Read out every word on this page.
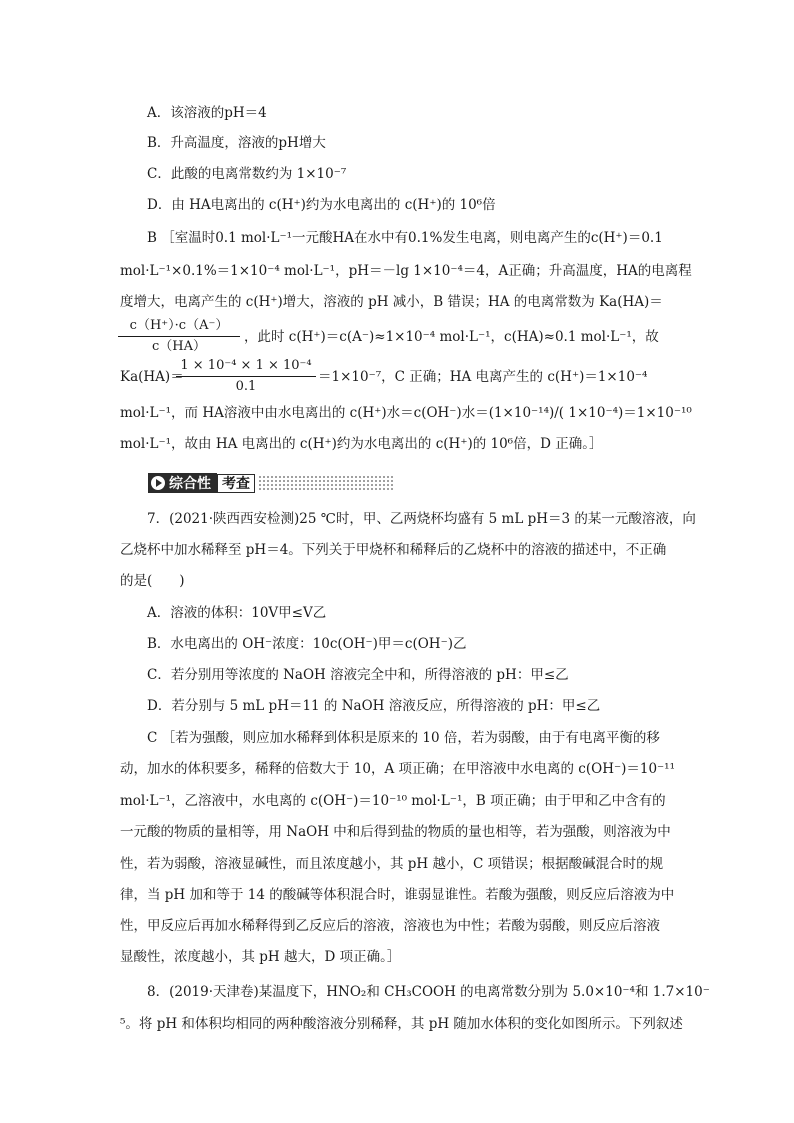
A．该溶液的pH＝4
B．升高温度，溶液的pH增大
C．此酸的电离常数约为 1×10⁻⁷
D．由 HA电离出的 c(H⁺)约为水电离出的 c(H⁺)的 10⁶倍
B ［室温时0.1 mol·L⁻¹一元酸HA在水中有0.1%发生电离，则电离产生的c(H⁺)＝0.1
mol·L⁻¹×0.1%＝1×10⁻⁴ mol·L⁻¹，pH＝－lg 1×10⁻⁴＝4，A正确；升高温度，HA的电离程
度增大，电离产生的 c(H⁺)增大，溶液的 pH 减小，B 错误；HA 的电离常数为 Ka(HA)＝
$\frac{c(H^+)\cdot c(A^-)}{c(HA)}$ ，此时 c(H⁺)＝c(A⁻)≈1×10⁻⁴ mol·L⁻¹，c(HA)≈0.1 mol·L⁻¹，故
Ka(HA)＝
$\frac{\text{1 × 10⁻⁴ × 1 × 10⁻⁴}}{0.1} =1\times 10^{-7}$，C 正确；HA 电离产生的 c(H⁺)＝1×10⁻⁴
mol·L⁻¹，而 HA溶液中由水电离出的 c(H⁺)水＝c(OH⁻)水＝(1×10⁻¹⁴)/( 1×10⁻⁴)＝1×10⁻¹⁰
mol·L⁻¹，故由 HA 电离出的 c(H⁺)约为水电离出的 c(H⁺)的 10⁶倍，D 正确。］
综合性 考查
7．(2021·陕西西安检测)25 ℃时，甲、乙两烧杯均盛有 5 mL pH＝3 的某一元酸溶液，向
乙烧杯中加水稀释至 pH＝4。下列关于甲烧杯和稀释后的乙烧杯中的溶液的描述中，不正确
的是(　　)
A．溶液的体积：10V甲≤V乙
B．水电离出的 OH⁻浓度：10c(OH⁻)甲＝c(OH⁻)乙
C．若分别用等浓度的 NaOH 溶液完全中和，所得溶液的 pH：甲≤乙
D．若分别与 5 mL pH＝11 的 NaOH 溶液反应，所得溶液的 pH：甲≤乙
C ［若为强酸，则应加水稀释到体积是原来的 10 倍，若为弱酸，由于有电离平衡的移
动，加水的体积要多，稀释的倍数大于 10，A 项正确；在甲溶液中水电离的 c(OH⁻)＝10⁻¹¹
mol·L⁻¹，乙溶液中，水电离的 c(OH⁻)＝10⁻¹⁰ mol·L⁻¹，B 项正确；由于甲和乙中含有的
一元酸的物质的量相等，用 NaOH 中和后得到盐的物质的量也相等，若为强酸，则溶液为中
性，若为弱酸，溶液显碱性，而且浓度越小，其 pH 越小，C 项错误；根据酸碱混合时的规
律，当 pH 加和等于 14 的酸碱等体积混合时，谁弱显谁性。若酸为强酸，则反应后溶液为中
性，甲反应后再加水稀释得到乙反应后的溶液，溶液也为中性；若酸为弱酸，则反应后溶液
显酸性，浓度越小，其 pH 越大，D 项正确。］
8．(2019·天津卷)某温度下，HNO₂和 CH₃COOH 的电离常数分别为 5.0×10⁻⁴和 1.7×10⁻
⁵。将 pH 和体积均相同的两种酸溶液分别稀释，其 pH 随加水体积的变化如图所示。下列叙述
